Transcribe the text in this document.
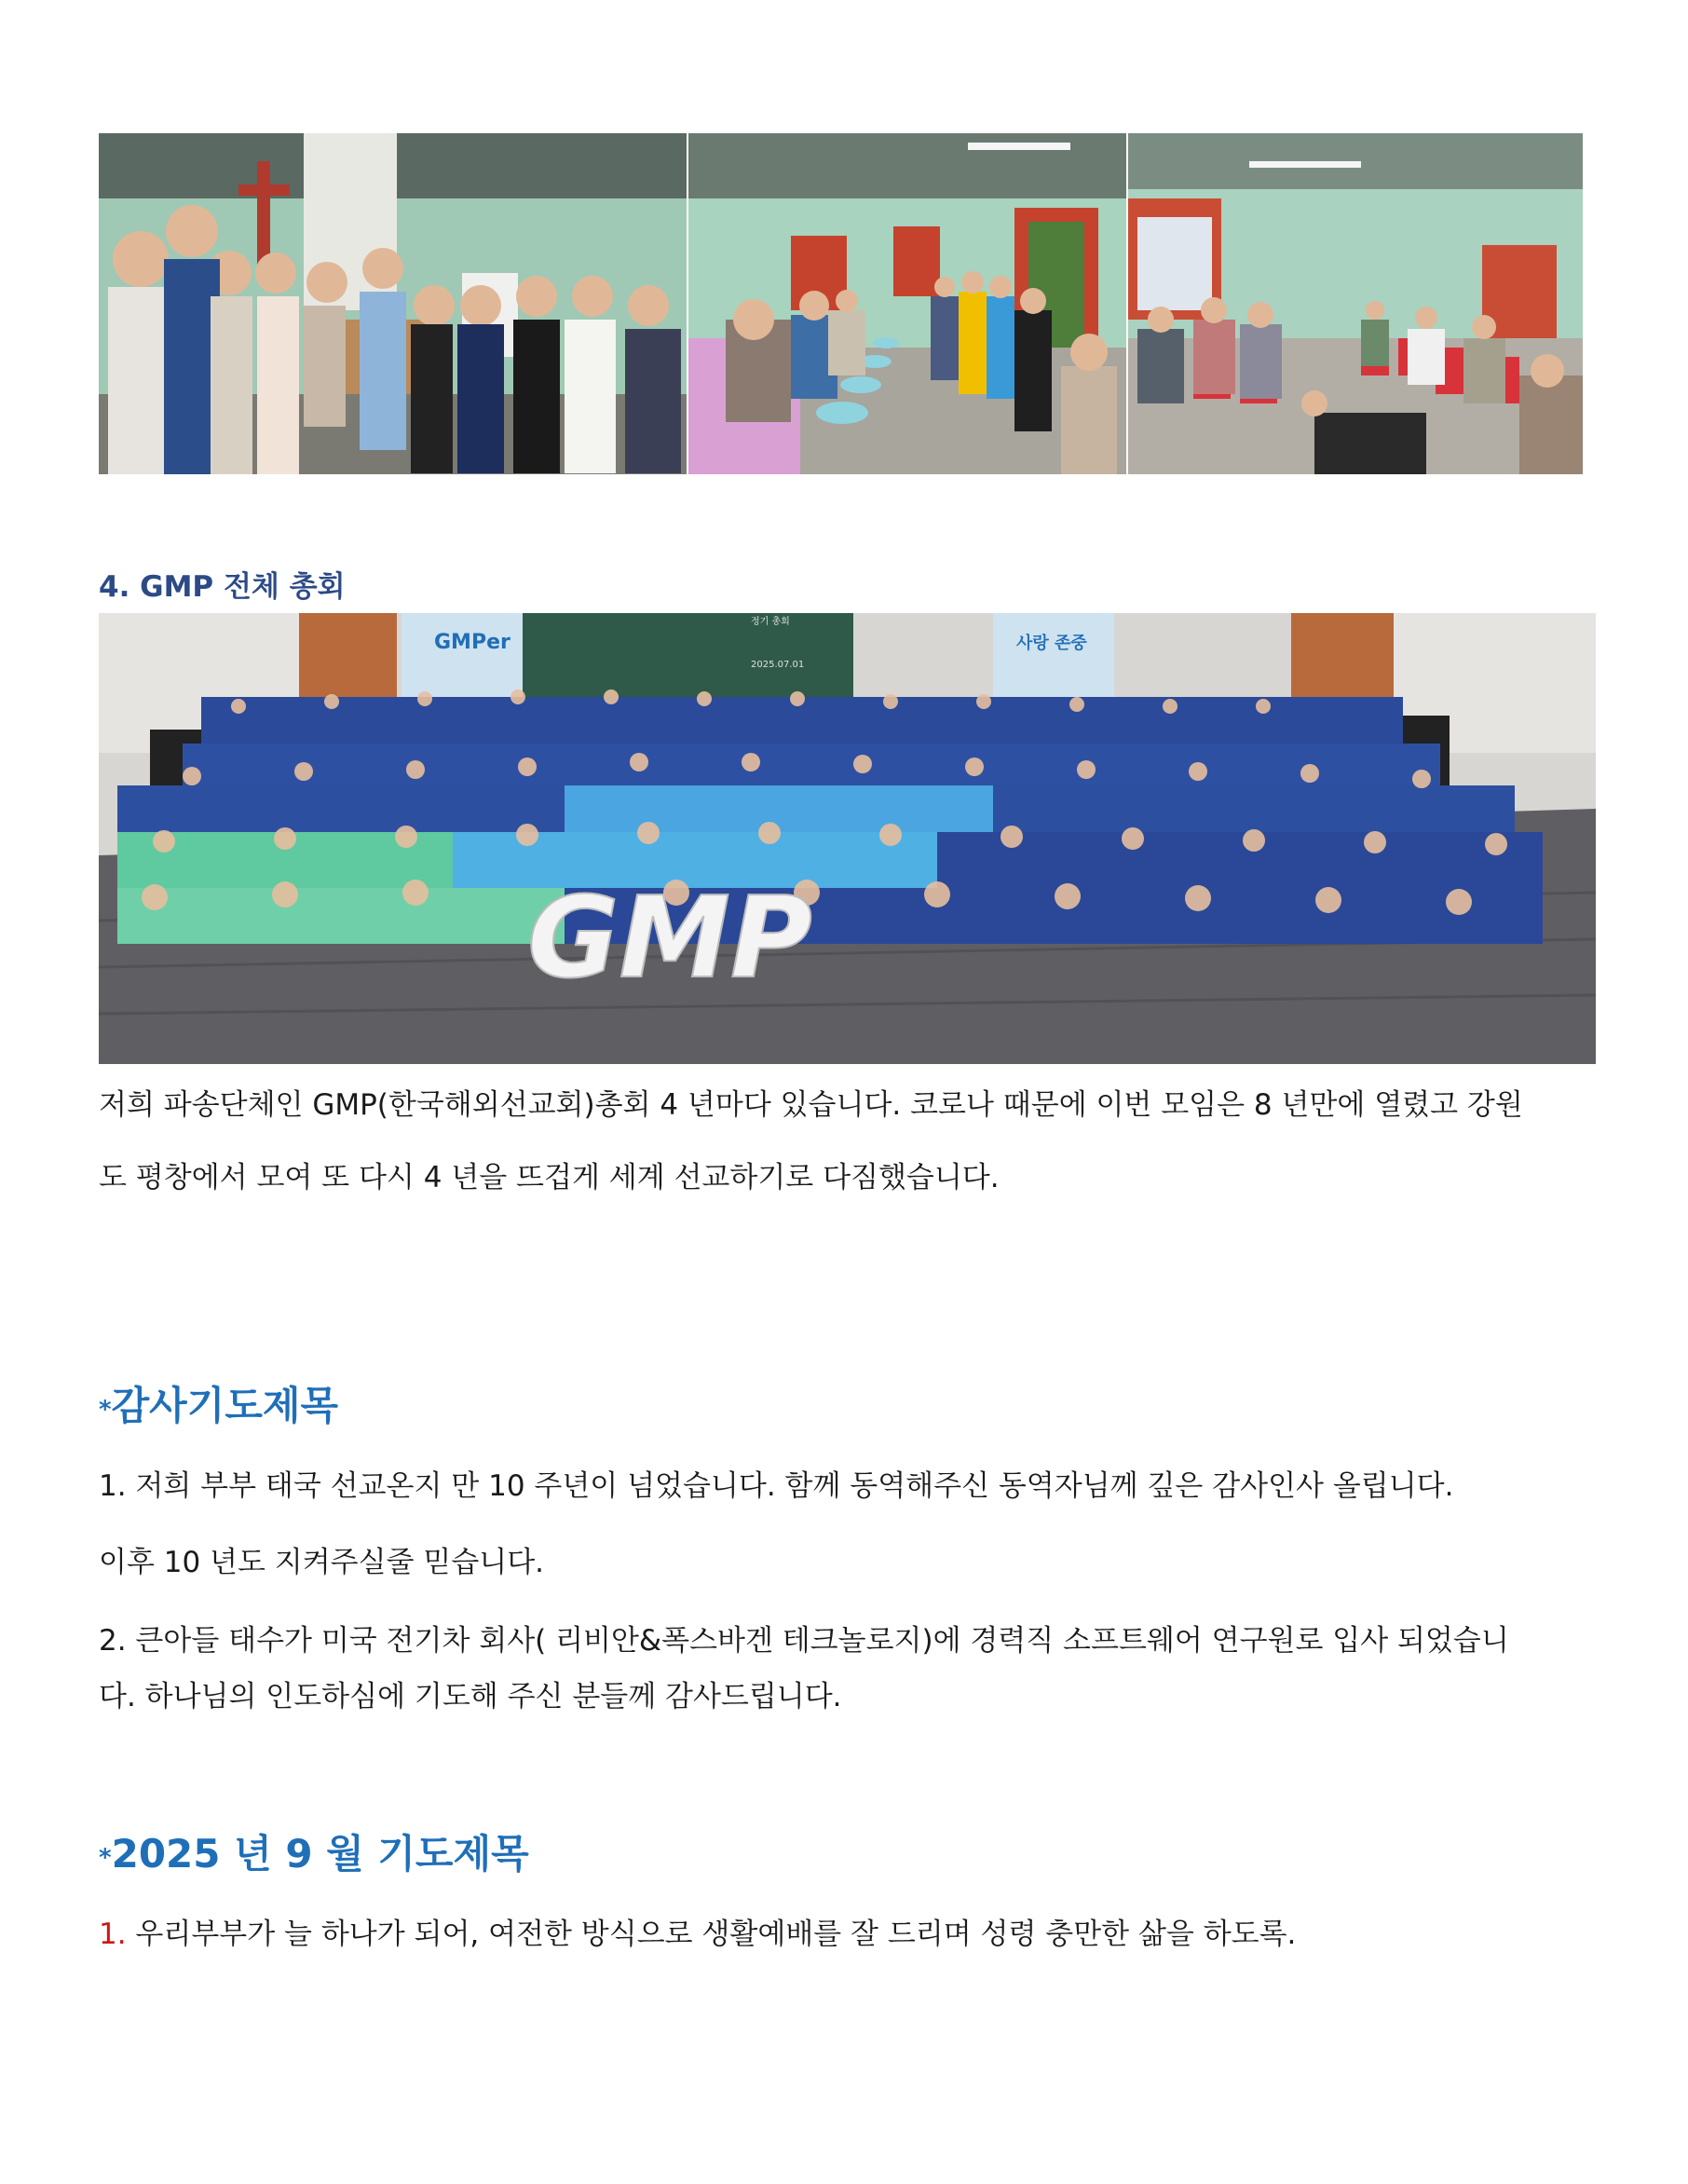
4. GMP 전체 총회
GMPer	사랑 존중
정기 총회
2025.07.01
GMP
저희 파송단체인 GMP(한국해외선교회)총회 4 년마다 있습니다. 코로나 때문에 이번 모임은 8 년만에 열렸고 강원
도 평창에서 모여 또 다시 4 년을 뜨겁게 세계 선교하기로 다짐했습니다.
*감사기도제목
1. 저희 부부 태국 선교온지 만 10 주년이 넘었습니다. 함께 동역해주신 동역자님께 깊은 감사인사 올립니다.
이후 10 년도 지켜주실줄 믿습니다.
2. 큰아들 태수가 미국 전기차 회사( 리비안&폭스바겐 테크놀로지)에 경력직 소프트웨어 연구원로 입사 되었습니
다. 하나님의 인도하심에 기도해 주신 분들께 감사드립니다.
*2025 년 9 월 기도제목
1. 우리부부가 늘 하나가 되어, 여전한 방식으로 생활예배를 잘 드리며 성령 충만한 삶을 하도록.
